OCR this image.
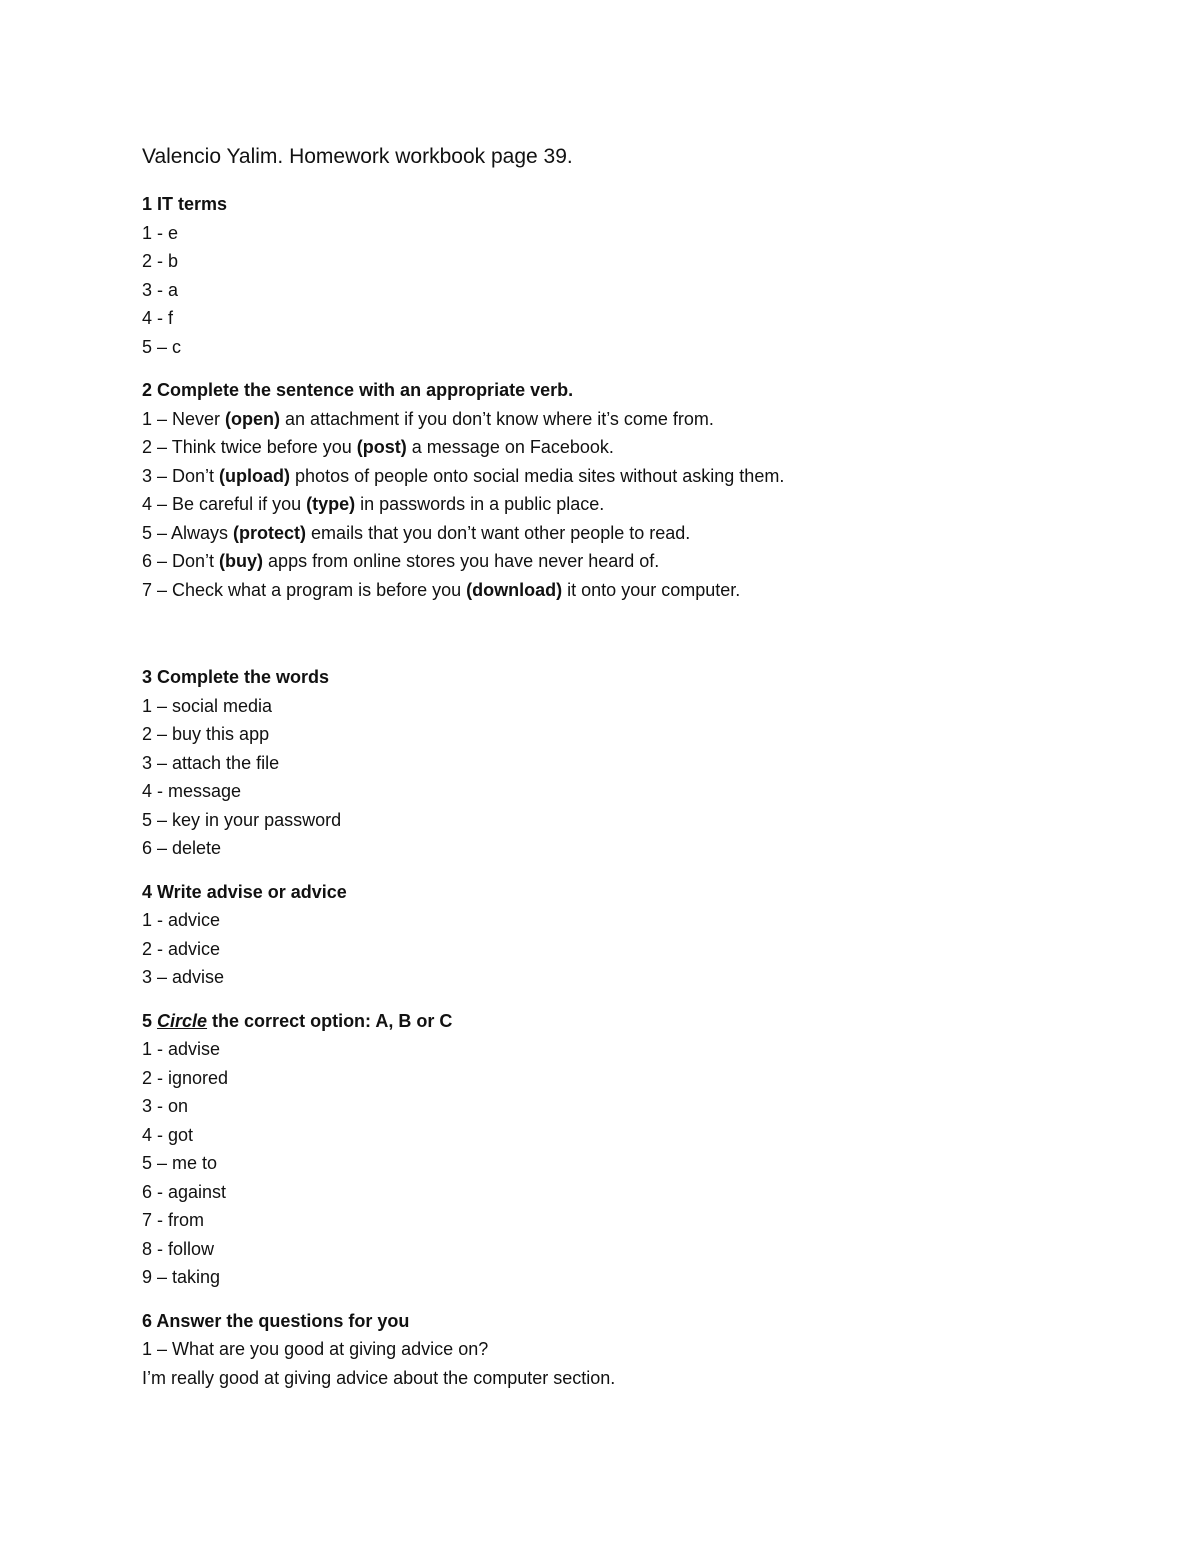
Valencio Yalim. Homework workbook page 39.
1 IT terms
1 - e
2 - b
3 - a
4 - f
5 – c
2 Complete the sentence with an appropriate verb.
1 – Never (open) an attachment if you don’t know where it’s come from.
2 – Think twice before you (post) a message on Facebook.
3 – Don’t (upload) photos of people onto social media sites without asking them.
4 – Be careful if you (type) in passwords in a public place.
5 – Always (protect) emails that you don’t want other people to read.
6 – Don’t (buy) apps from online stores you have never heard of.
7 – Check what a program is before you (download) it onto your computer.
3 Complete the words
1 – social media
2 – buy this app
3 – attach the file
4 - message
5 – key in your password
6 – delete
4 Write advise or advice
1 - advice
2 - advice
3 – advise
5 Circle the correct option: A, B or C
1 - advise
2 - ignored
3 - on
4 - got
5 – me to
6 - against
7 - from
8 - follow
9 – taking
6 Answer the questions for you
1 – What are you good at giving advice on?
I’m really good at giving advice about the computer section.
